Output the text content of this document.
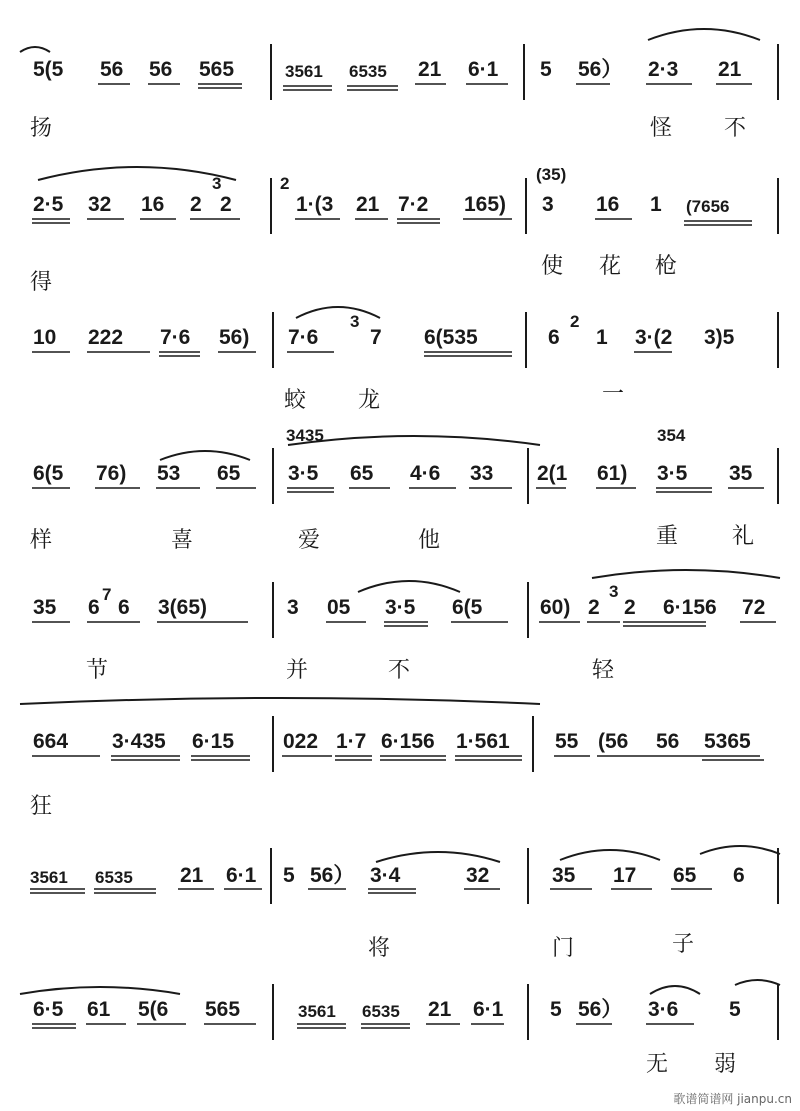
5(5 56 56 565	3561 6535 21 6·1 5 56） 2·3 21
扬	怪 不
2·5 32 16 2 2
3	2
1·(3 21 7·2 165)
(35)
3 16 1 (7656
得
使 花 枪
10 222 7·6 56) 7·6
3
7 6(535	6
2
1 3·(2 3)5
蛟 龙	一
6(5 76) 53 65
3435
3·5 65 4·6 33 2(1 61)
354
3·5 35
样	喜	爱	他	重 礼
35 6
7
6 3(65)	3 05 3·5 6(5	60) 2
3
2 6·156 72
节	并	不	轻
664 3·435 6·15 022 1·7 6·156 1·561 55 (56 56 5365
狂
3561 6535 21 6·1 5 56） 3·4	32	35 17 65 6
将	门	子
6·5 61 5(6 565	3561 6535 21 6·1 5 56） 3·6 5
无 弱
歌谱简谱网 jianpu.cn
